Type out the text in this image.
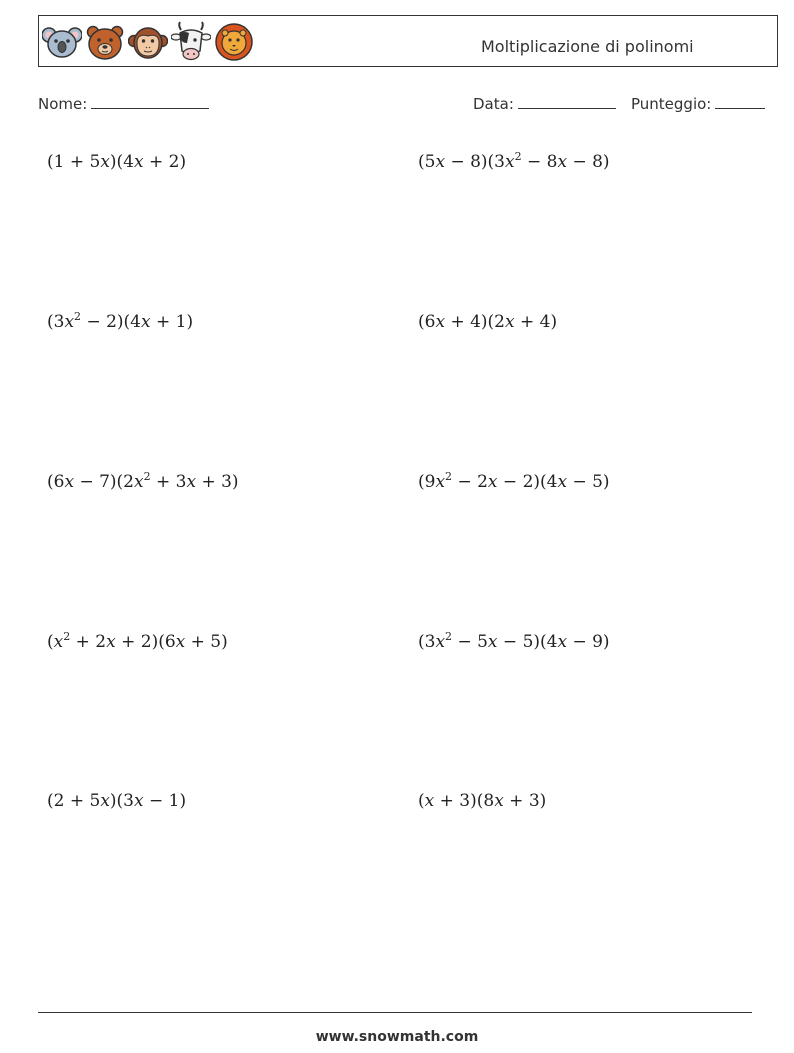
Moltiplicazione di polinomi
Nome:	Data:	Punteggio:
(1 + 5x)(4x + 2)	$(5x - 8)(3x^2 - 8x - 8)$
$(3x^2 - 2)(4x + 1)$	(6x + 4)(2x + 4)
$(6x - 7)(2x^2 + 3x + 3)$	$(9x^2 - 2x - 2)(4x - 5)$
$(x^2 + 2x + 2)(6x + 5)$	$(3x^2 - 5x - 5)(4x - 9)$
(2 + 5x)(3x − 1)	(x + 3)(8x + 3)
www.snowmath.com
